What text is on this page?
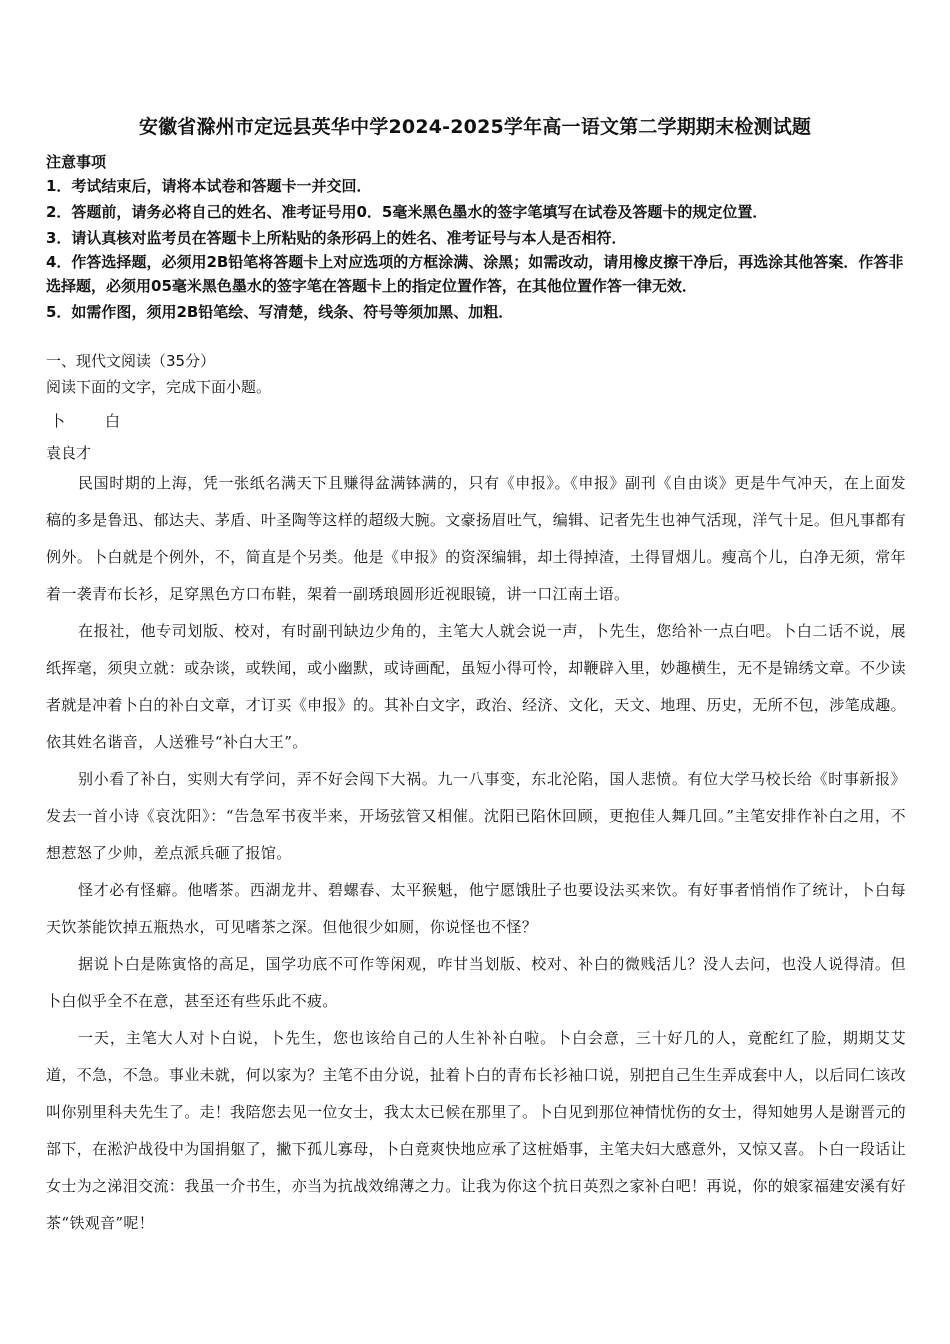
安徽省滁州市定远县英华中学2024-2025学年高一语文第二学期期末检测试题
注意事项
1．考试结束后，请将本试卷和答题卡一并交回．
2．答题前，请务必将自己的姓名、准考证号用0．5毫米黑色墨水的签字笔填写在试卷及答题卡的规定位置．
3．请认真核对监考员在答题卡上所粘贴的条形码上的姓名、准考证号与本人是否相符．
4．作答选择题，必须用2B铅笔将答题卡上对应选项的方框涂满、涂黑；如需改动，请用橡皮擦干净后，再选涂其他答案．作答非选择题，必须用05毫米黑色墨水的签字笔在答题卡上的指定位置作答，在其他位置作答一律无效．
5．如需作图，须用2B铅笔绘、写清楚，线条、符号等须加黑、加粗．
一、现代文阅读（35分）
阅读下面的文字，完成下面小题。
卜	白
袁良才
民国时期的上海，凭一张纸名满天下且赚得盆满钵满的，只有《申报》。《申报》副刊《自由谈》更是牛气冲天，在上面发稿的多是鲁迅、郁达夫、茅盾、叶圣陶等这样的超级大腕。文豪扬眉吐气，编辑、记者先生也神气活现，洋气十足。但凡事都有例外。卜白就是个例外，不，简直是个另类。他是《申报》的资深编辑，却土得掉渣，土得冒烟儿。瘦高个儿，白净无须，常年着一袭青布长衫，足穿黑色方口布鞋，架着一副琇琅圆形近视眼镜，讲一口江南土语。
在报社，他专司划版、校对，有时副刊缺边少角的，主笔大人就会说一声，卜先生，您给补一点白吧。卜白二话不说，展纸挥毫，须臾立就：或杂谈，或轶闻，或小幽默，或诗画配，虽短小得可怜，却鞭辟入里，妙趣横生，无不是锦绣文章。不少读者就是冲着卜白的补白文章，才订买《申报》的。其补白文字，政治、经济、文化，天文、地理、历史，无所不包，涉笔成趣。依其姓名谐音，人送雅号“补白大王”。
别小看了补白，实则大有学问，弄不好会闯下大祸。九一八事变，东北沦陷，国人悲愤。有位大学马校长给《时事新报》发去一首小诗《哀沈阳》：“告急军书夜半来，开场弦管又相催。沈阳已陷休回顾，更抱佳人舞几回。”主笔安排作补白之用，不想惹怒了少帅，差点派兵砸了报馆。
怪才必有怪癖。他嗜茶。西湖龙井、碧螺春、太平猴魁，他宁愿饿肚子也要设法买来饮。有好事者悄悄作了统计，卜白每天饮茶能饮掉五瓶热水，可见嗜茶之深。但他很少如厕，你说怪也不怪？
据说卜白是陈寅恪的高足，国学功底不可作等闲观，咋甘当划版、校对、补白的微贱活儿？没人去问，也没人说得清。但卜白似乎全不在意，甚至还有些乐此不疲。
一天，主笔大人对卜白说，卜先生，您也该给自己的人生补补白啦。卜白会意，三十好几的人，竟酡红了脸，期期艾艾道，不急，不急。事业未就，何以家为？主笔不由分说，扯着卜白的青布长衫袖口说，别把自己生生弄成套中人，以后同仁该改叫你别里科夫先生了。走！我陪您去见一位女士，我太太已候在那里了。卜白见到那位神情忧伤的女士，得知她男人是谢晋元的部下，在淞沪战役中为国捐躯了，撇下孤儿寡母，卜白竟爽快地应承了这桩婚事，主笔夫妇大感意外，又惊又喜。卜白一段话让女士为之涕泪交流：我虽一介书生，亦当为抗战效绵薄之力。让我为你这个抗日英烈之家补白吧！再说，你的娘家福建安溪有好茶“铁观音”呢！
